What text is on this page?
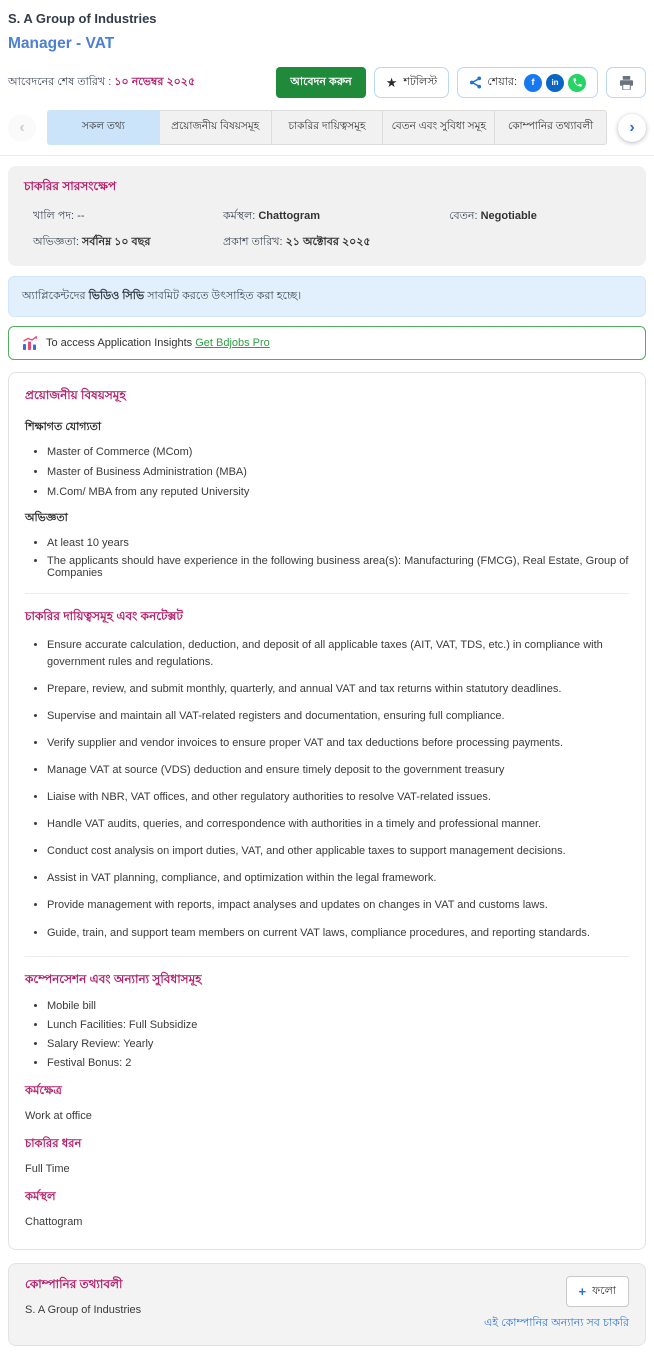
S. A Group of Industries
Manager - VAT
আবেদনের শেষ তারিখ : ১০ নভেম্বর ২০২৫	আবেদন করুন	★ শটলিস্ট	শেয়ার:	f	in
‹	সকল তথ্য	প্রয়োজনীয় বিষয়সমূহ	চাকরির দায়িত্বসমূহ	বেতন এবং সুবিধা সমূহ	কোম্পানির তথ্যাবলী	›
চাকরির সারসংক্ষেপ
খালি পদ: --	কর্মস্থল: Chattogram	বেতন: Negotiable
অভিজ্ঞতা: সর্বনিম্ন ১০ বছর	প্রকাশ তারিখ: ২১ অক্টোবর ২০২৫
অ্যাপ্লিকেন্টদের ভিডিও সিভি সাবমিট করতে উৎসাহিত করা হচ্ছে।
To access Application Insights Get Bdjobs Pro
প্রয়োজনীয় বিষয়সমূহ
শিক্ষাগত যোগ্যতা
• Master of Commerce (MCom)
• Master of Business Administration (MBA)
• M.Com/ MBA from any reputed University
অভিজ্ঞতা
• At least 10 years
• The applicants should have experience in the following business area(s): Manufacturing (FMCG), Real Estate, Group of Companies
চাকরির দায়িত্বসমূহ এবং কনটেক্সট
• Ensure accurate calculation, deduction, and deposit of all applicable taxes (AIT, VAT, TDS, etc.) in compliance with government rules and regulations.
• Prepare, review, and submit monthly, quarterly, and annual VAT and tax returns within statutory deadlines.
• Supervise and maintain all VAT-related registers and documentation, ensuring full compliance.
• Verify supplier and vendor invoices to ensure proper VAT and tax deductions before processing payments.
• Manage VAT at source (VDS) deduction and ensure timely deposit to the government treasury
• Liaise with NBR, VAT offices, and other regulatory authorities to resolve VAT-related issues.
• Handle VAT audits, queries, and correspondence with authorities in a timely and professional manner.
• Conduct cost analysis on import duties, VAT, and other applicable taxes to support management decisions.
• Assist in VAT planning, compliance, and optimization within the legal framework.
• Provide management with reports, impact analyses and updates on changes in VAT and customs laws.
• Guide, train, and support team members on current VAT laws, compliance procedures, and reporting standards.
কম্পেনসেশন এবং অন্যান্য সুবিধাসমূহ
• Mobile bill
• Lunch Facilities: Full Subsidize
• Salary Review: Yearly
• Festival Bonus: 2
কর্মক্ষেত্র
Work at office
চাকরির ধরন
Full Time
কর্মস্থল
Chattogram
কোম্পানির তথ্যাবলী
S. A Group of Industries
+ ফলো
এই কোম্পানির অন্যান্য সব চাকরি
